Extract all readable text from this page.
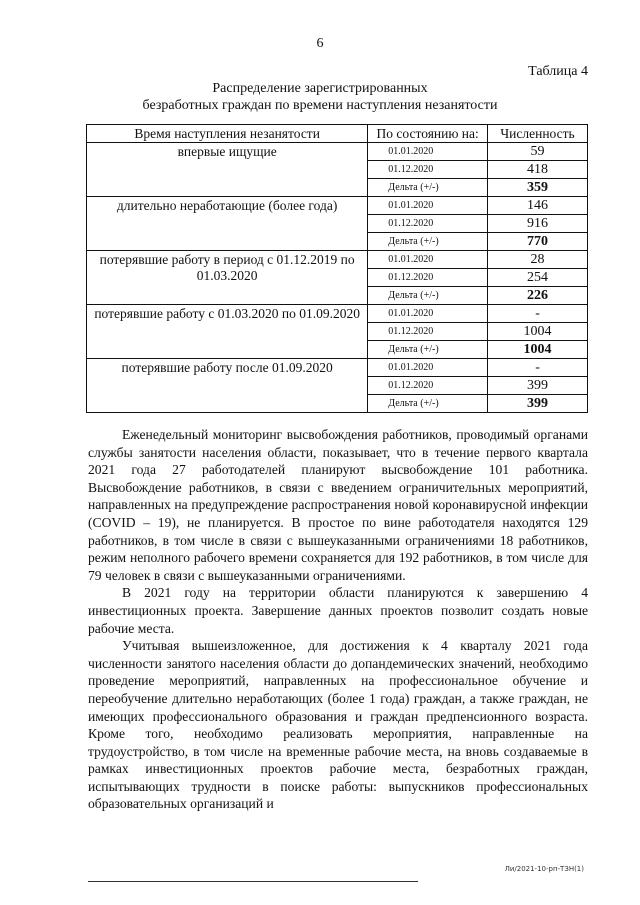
6
Таблица 4
Распределение зарегистрированных
безработных граждан по времени наступления незанятости
Время наступления незанятости	По состоянию на:	Численность
впервые ищущие	01.01.2020	59
	01.12.2020	418
	Дельта (+/-)	359
длительно неработающие (более года)	01.01.2020	146
	01.12.2020	916
	Дельта (+/-)	770
потерявшие работу в период с 01.12.2019 по 01.03.2020	01.01.2020	28
	01.12.2020	254
	Дельта (+/-)	226
потерявшие работу с 01.03.2020 по 01.09.2020	01.01.2020	-
	01.12.2020	1004
	Дельта (+/-)	1004
потерявшие работу после 01.09.2020	01.01.2020	-
	01.12.2020	399
	Дельта (+/-)	399

Еженедельный мониторинг высвобождения работников, проводимый органами службы занятости населения области, показывает, что в течение первого квартала 2021 года 27 работодателей планируют высвобождение 101 работника. Высвобождение работников, в связи с введением ограничительных мероприятий, направленных на предупреждение распространения новой коронавирусной инфекции (COVID – 19), не планируется. В простое по вине работодателя находятся 129 работников, в том числе в связи с вышеуказанными ограничениями 18 работников, режим неполного рабочего времени сохраняется для 192 работников, в том числе для 79 человек в связи с вышеуказанными ограничениями.

В 2021 году на территории области планируются к завершению 4 инвестиционных проекта. Завершение данных проектов позволит создать новые рабочие места.

Учитывая вышеизложенное, для достижения к 4 кварталу 2021 года численности занятого населения области до допандемических значений, необходимо проведение мероприятий, направленных на профессиональное обучение и переобучение длительно неработающих (более 1 года) граждан, а также граждан, не имеющих профессионального образования и граждан предпенсионного возраста. Кроме того, необходимо реализовать мероприятия, направленные на трудоустройство, в том числе на временные рабочие места, на вновь создаваемые в рамках инвестиционных проектов рабочие места, безработных граждан, испытывающих трудности в поиске работы: выпускников профессиональных образовательных организаций и

Ли/2021-10-рп-ТЗН(1)
